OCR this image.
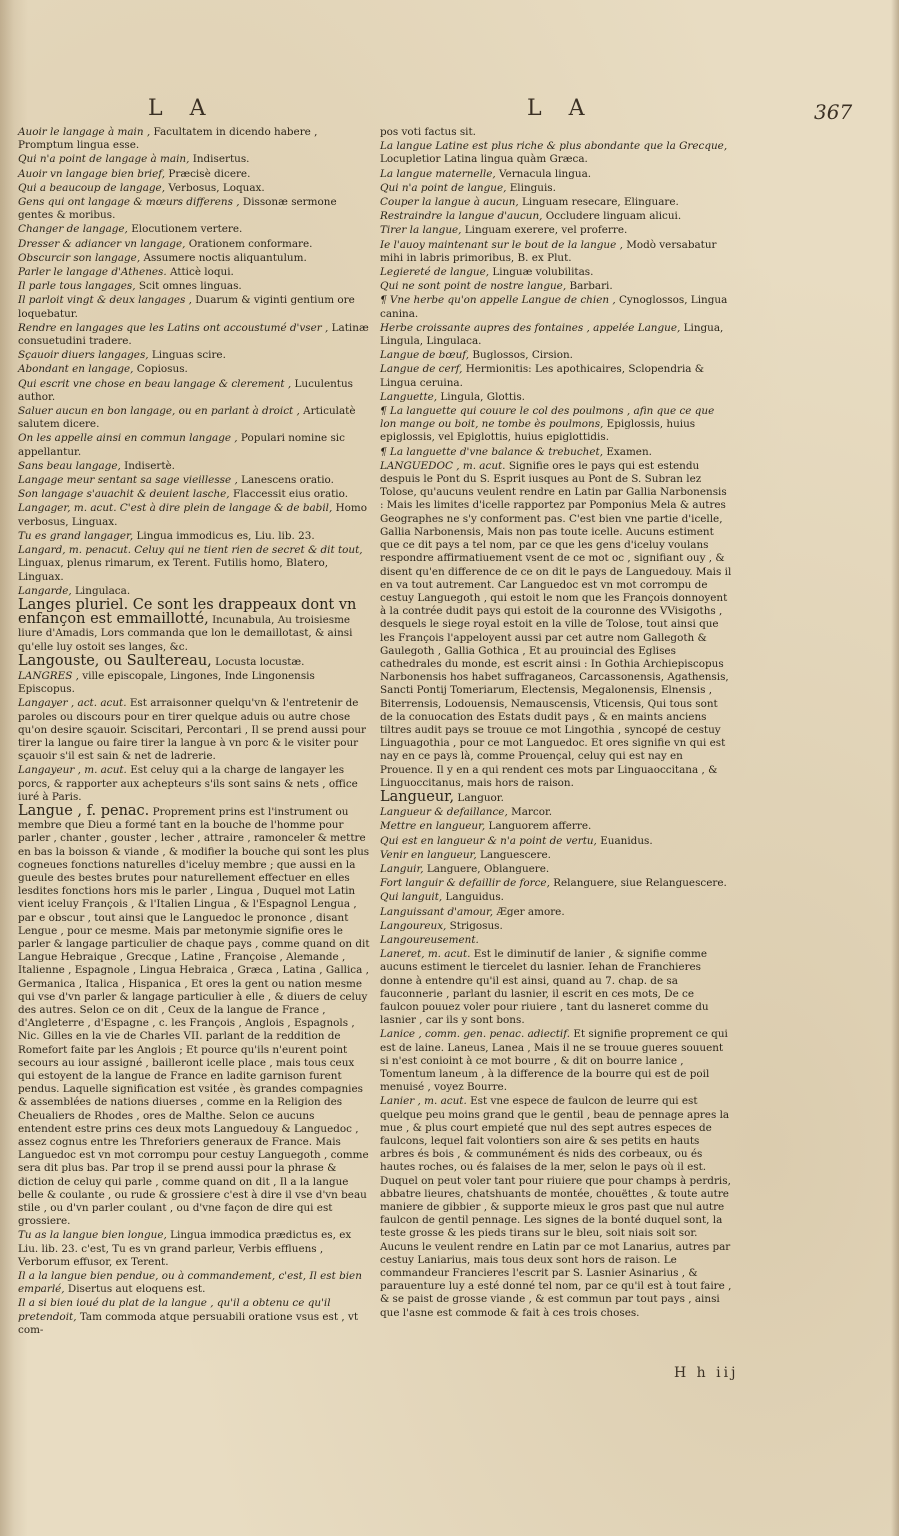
L A	L A	367
Auoir le langage à main , Facultatem in dicendo habere , Promptum lingua esse.
Qui n'a point de langage à main, Indisertus.
Auoir vn langage bien brief, Præcisè dicere.
Qui a beaucoup de langage, Verbosus, Loquax.
Gens qui ont langage & mœurs differens , Dissonæ sermone gentes & moribus.
Changer de langage, Elocutionem vertere.
Dresser & adiancer vn langage, Orationem conformare.
Obscurcir son langage, Assumere noctis aliquantulum.
Parler le langage d'Athenes. Atticè loqui.
Il parle tous langages, Scit omnes linguas.
Il parloit vingt & deux langages , Duarum & viginti gentium ore loquebatur.
Rendre en langages que les Latins ont accoustumé d'vser , Latinæ consuetudini tradere.
Sçauoir diuers langages, Linguas scire.
Abondant en langage, Copiosus.
Qui escrit vne chose en beau langage & clerement , Luculentus author.
Saluer aucun en bon langage, ou en parlant à droict , Articulatè salutem dicere.
On les appelle ainsi en commun langage , Populari nomine sic appellantur.
Sans beau langage, Indisertè.
Langage meur sentant sa sage vieillesse , Lanescens oratio.
Son langage s'auachit & deuient lasche, Flaccessit eius oratio.
Langager, m. acut. C'est à dire plein de langage & de babil, Homo verbosus, Linguax.
Tu es grand langager, Lingua immodicus es, Liu. lib. 23.
Langard, m. penacut. Celuy qui ne tient rien de secret & dit tout, Linguax, plenus rimarum, ex Terent. Futilis homo, Blatero, Linguax.
Langarde, Lingulaca.
Langes pluriel. Ce sont les drappeaux dont vn enfançon est emmaillotté, Incunabula, Au troisiesme liure d'Amadis, Lors commanda que lon le demaillotast, & ainsi qu'elle luy ostoit ses langes, &c.
Langouste, ou Saultereau, Locusta locustæ.
LANGRES , ville episcopale, Lingones, Inde Lingonensis Episcopus.
Langayer , act. acut. Est arraisonner quelqu'vn & l'entretenir de paroles ou discours pour en tirer quelque aduis ou autre chose qu'on desire sçauoir. Sciscitari, Percontari , Il se prend aussi pour tirer la langue ou faire tirer la langue à vn porc & le visiter pour sçauoir s'il est sain & net de ladrerie.
Langayeur , m. acut. Est celuy qui a la charge de langayer les porcs, & rapporter aux achepteurs s'ils sont sains & nets , office iuré à Paris.
Langue , f. penac. Proprement prins est l'instrument ou membre que Dieu a formé tant en la bouche de l'homme pour parler , chanter , gouster , lecher , attraire , ramonceler & mettre en bas la boisson & viande , & modifier la bouche qui sont les plus cogneues fonctions naturelles d'iceluy membre ; que aussi en la gueule des bestes brutes pour naturellement effectuer en elles lesdites fonctions hors mis le parler , Lingua , Duquel mot Latin vient iceluy François , & l'Italien Lingua , & l'Espagnol Lengua , par e obscur , tout ainsi que le Languedoc le prononce , disant Lengue , pour ce mesme. Mais par metonymie signifie ores le parler & langage particulier de chaque pays , comme quand on dit Langue Hebraique , Grecque , Latine , Françoise , Alemande , Italienne , Espagnole , Lingua Hebraica , Græca , Latina , Gallica , Germanica , Italica , Hispanica , Et ores la gent ou nation mesme qui vse d'vn parler & langage particulier à elle , & diuers de celuy des autres. Selon ce on dit , Ceux de la langue de France , d'Angleterre , d'Espagne , c. les François , Anglois , Espagnols , Nic. Gilles en la vie de Charles VII. parlant de la reddition de Romefort faite par les Anglois ; Et pource qu'ils n'eurent point secours au iour assigné , bailleront icelle place , mais tous ceux qui estoyent de la langue de France en ladite garnison furent pendus. Laquelle signification est vsitée , ès grandes compagnies & assemblées de nations diuerses , comme en la Religion des Cheualiers de Rhodes , ores de Malthe. Selon ce aucuns entendent estre prins ces deux mots Languedouy & Languedoc , assez cognus entre les Threforiers generaux de France. Mais Languedoc est vn mot corrompu pour cestuy Languegoth , comme sera dit plus bas. Par trop il se prend aussi pour la phrase & diction de celuy qui parle , comme quand on dit , Il a la langue belle & coulante , ou rude & grossiere c'est à dire il vse d'vn beau stile , ou d'vn parler coulant , ou d'vne façon de dire qui est grossiere.
Tu as la langue bien longue, Lingua immodica prædictus es, ex Liu. lib. 23. c'est, Tu es vn grand parleur, Verbis effluens , Verborum effusor, ex Terent.
Il a la langue bien pendue, ou à commandement, c'est, Il est bien emparlé, Disertus aut eloquens est.
Il a si bien ioué du plat de la langue , qu'il a obtenu ce qu'il pretendoit, Tam commoda atque persuabili oratione vsus est , vt com-
pos voti factus sit.
La langue Latine est plus riche & plus abondante que la Grecque, Locupletior Latina lingua quàm Græca.
La langue maternelle, Vernacula lingua.
Qui n'a point de langue, Elinguis.
Couper la langue à aucun, Linguam resecare, Elinguare.
Restraindre la langue d'aucun, Occludere linguam alicui.
Tirer la langue, Linguam exerere, vel proferre.
Ie l'auoy maintenant sur le bout de la langue , Modò versabatur mihi in labris primoribus, B. ex Plut.
Legiereté de langue, Linguæ volubilitas.
Qui ne sont point de nostre langue, Barbari.
¶ Vne herbe qu'on appelle Langue de chien , Cynoglossos, Lingua canina.
Herbe croissante aupres des fontaines , appelée Langue, Lingua, Lingula, Lingulaca.
Langue de bœuf, Buglossos, Cirsion.
Langue de cerf, Hermionitis: Les apothicaires, Sclopendria & Lingua ceruina.
Languette, Lingula, Glottis.
¶ La languette qui couure le col des poulmons , afin que ce que lon mange ou boit, ne tombe ès poulmons, Epiglossis, huius epiglossis, vel Epiglottis, huius epiglottidis.
¶ La languette d'vne balance & trebuchet, Examen.
LANGUEDOC , m. acut. Signifie ores le pays qui est estendu despuis le Pont du S. Esprit iusques au Pont de S. Subran lez Tolose, qu'aucuns veulent rendre en Latin par Gallia Narbonensis : Mais les limites d'icelle rapportez par Pomponius Mela & autres Geographes ne s'y conforment pas. C'est bien vne partie d'icelle, Gallia Narbonensis, Mais non pas toute icelle. Aucuns estiment que ce dit pays a tel nom, par ce que les gens d'iceluy voulans respondre affirmatiuement vsent de ce mot oc , signifiant ouy , & disent qu'en difference de ce on dit le pays de Languedouy. Mais il en va tout autrement. Car Languedoc est vn mot corrompu de cestuy Languegoth , qui estoit le nom que les François donnoyent à la contrée dudit pays qui estoit de la couronne des VVisigoths , desquels le siege royal estoit en la ville de Tolose, tout ainsi que les François l'appeloyent aussi par cet autre nom Gallegoth & Gaulegoth , Gallia Gothica , Et au prouincial des Eglises cathedrales du monde, est escrit ainsi : In Gothia Archiepiscopus Narbonensis hos habet suffraganeos, Carcassonensis, Agathensis, Sancti Pontij Tomeriarum, Electensis, Megalonensis, Elnensis , Biterrensis, Lodouensis, Nemauscensis, Vticensis, Qui tous sont de la conuocation des Estats dudit pays , & en maints anciens tiltres audit pays se trouue ce mot Lingothia , syncopé de cestuy Linguagothia , pour ce mot Languedoc. Et ores signifie vn qui est nay en ce pays là, comme Prouençal, celuy qui est nay en Prouence. Il y en a qui rendent ces mots par Linguaoccitana , & Linguoccitanus, mais hors de raison.
Langueur, Languor.
Langueur & defaillance, Marcor.
Mettre en langueur, Languorem afferre.
Qui est en langueur & n'a point de vertu, Euanidus.
Venir en langueur, Languescere.
Languir, Languere, Oblanguere.
Fort languir & defaillir de force, Relanguere, siue Relanguescere.
Qui languit, Languidus.
Languissant d'amour, Æger amore.
Langoureux, Strigosus.
Langoureusement.
Laneret, m. acut. Est le diminutif de lanier , & signifie comme aucuns estiment le tiercelet du lasnier. Iehan de Franchieres donne à entendre qu'il est ainsi, quand au 7. chap. de sa fauconnerie , parlant du lasnier, il escrit en ces mots, De ce faulcon pouuez voler pour riuiere , tant du lasneret comme du lasnier , car ils y sont bons.
Lanice , comm. gen. penac. adiectif. Et signifie proprement ce qui est de laine. Laneus, Lanea , Mais il ne se trouue gueres souuent si n'est conioint à ce mot bourre , & dit on bourre lanice , Tomentum laneum , à la difference de la bourre qui est de poil menuisé , voyez Bourre.
Lanier , m. acut. Est vne espece de faulcon de leurre qui est quelque peu moins grand que le gentil , beau de pennage apres la mue , & plus court empieté que nul des sept autres especes de faulcons, lequel fait volontiers son aire & ses petits en hauts arbres és bois , & communément és nids des corbeaux, ou és hautes roches, ou és falaises de la mer, selon le pays où il est. Duquel on peut voler tant pour riuiere que pour champs à perdris, abbatre lieures, chatshuants de montée, chouëttes , & toute autre maniere de gibbier , & supporte mieux le gros past que nul autre faulcon de gentil pennage. Les signes de la bonté duquel sont, la teste grosse & les pieds tirans sur le bleu, soit niais soit sor. Aucuns le veulent rendre en Latin par ce mot Lanarius, autres par cestuy Laniarius, mais tous deux sont hors de raison. Le commandeur Francieres l'escrit par S. Lasnier Asinarius , & parauenture luy a esté donné tel nom, par ce qu'il est à tout faire , & se paist de grosse viande , & est commun par tout pays , ainsi que l'asne est commode & fait à ces trois choses.
H h iij
